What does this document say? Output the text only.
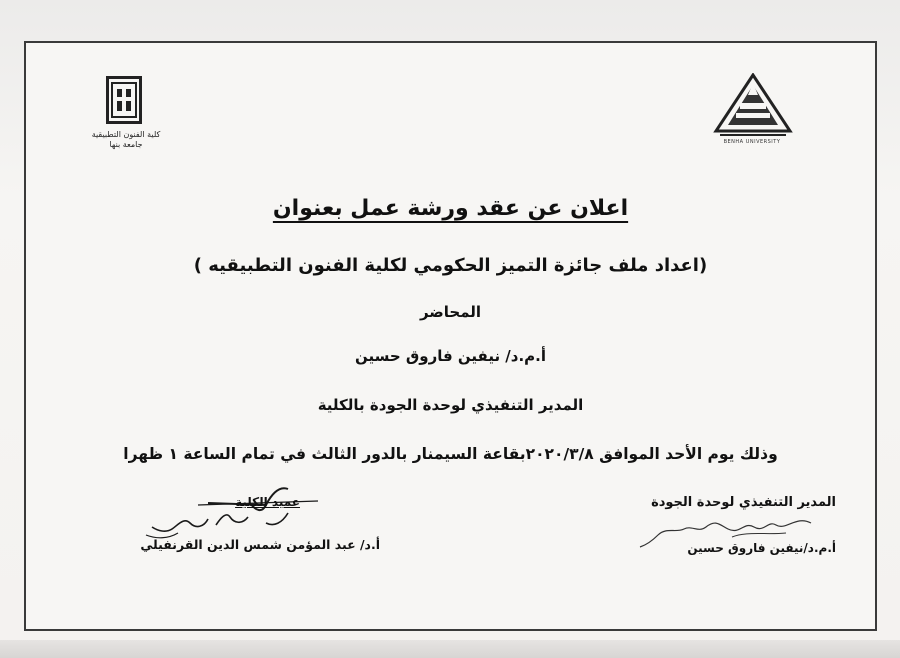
كلية الفنون التطبيقية
جامعة بنها	BENHA UNIVERSITY
اعلان عن عقد ورشة عمل بعنوان
(اعداد ملف جائزة التميز الحكومي لكلية الفنون التطبيقيه )
المحاضر
أ.م.د/ نيفين فاروق حسين
المدير التنفيذي لوحدة الجودة بالكلية
وذلك يوم الأحد الموافق ٢٠٢٠/٣/٨بقاعة السيمنار بالدور الثالث في تمام الساعة ١ ظهرا
المدير التنفيذي لوحدة الجودة
أ.م.د/نيفين فاروق حسين
عميد الكلية
أ.د/ عبد المؤمن شمس الدين القرنفيلي
